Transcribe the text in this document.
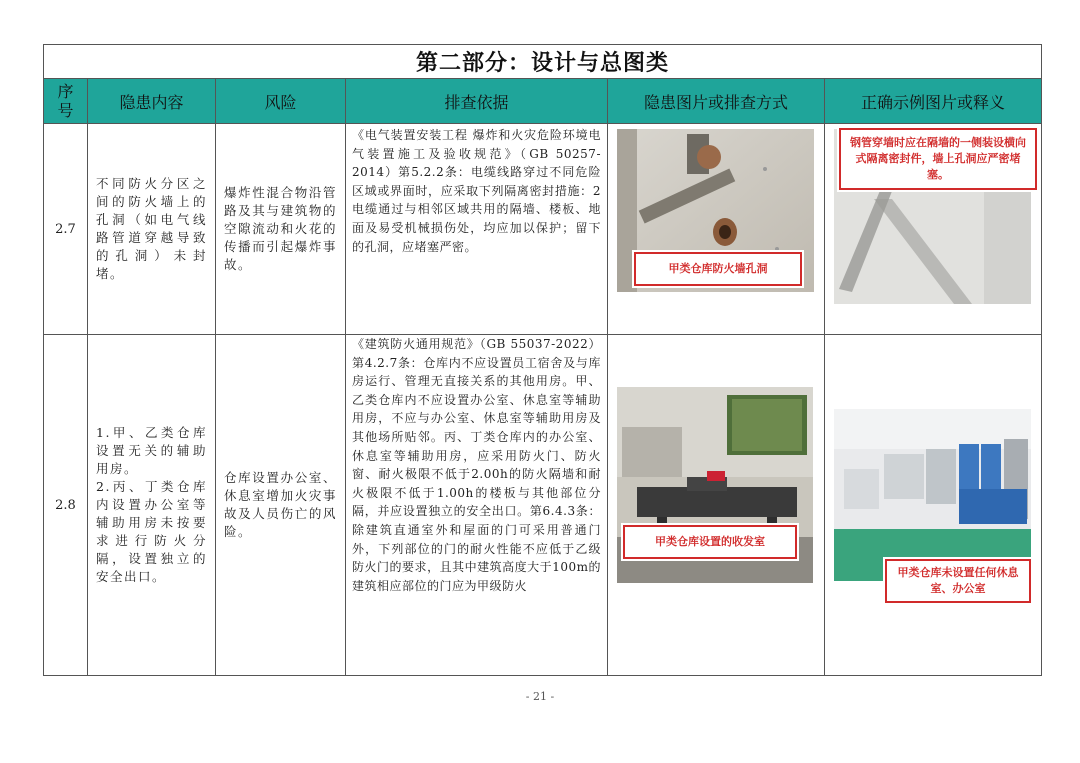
第二部分：设计与总图类					
序号	隐患内容	风险	排查依据	隐患图片或排查方式	正确示例图片或释义
2.7	不同防火分区之间的防火墙上的孔洞（如电气线路管道穿越导致的孔洞）未封堵。	爆炸性混合物沿管路及其与建筑物的空隙流动和火花的传播而引起爆炸事故。	《电气装置安装工程 爆炸和火灾危险环境电气装置施工及验收规范》（GB 50257-2014）第5.2.2条：电缆线路穿过不同危险区域或界面时，应采取下列隔离密封措施：2电缆通过与相邻区域共用的隔墙、楼板、地面及易受机械损伤处，均应加以保护；留下的孔洞，应堵塞严密。	甲类仓库防火墙孔洞	钢管穿墙时应在隔墙的一侧装设横向式隔离密封件，墙上孔洞应严密堵塞。

2.8	1.甲、乙类仓库设置无关的辅助用房。
2.丙、丁类仓库内设置办公室等辅助用房未按要求进行防火分隔，设置独立的安全出口。	仓库设置办公室、休息室增加火灾事故及人员伤亡的风险。	《建筑防火通用规范》（GB 55037-2022）第4.2.7条：仓库内不应设置员工宿舍及与库房运行、管理无直接关系的其他用房。甲、乙类仓库内不应设置办公室、休息室等辅助用房，不应与办公室、休息室等辅助用房及其他场所贴邻。丙、丁类仓库内的办公室、休息室等辅助用房，应采用防火门、防火窗、耐火极限不低于2.00h的防火隔墙和耐火极限不低于1.00h的楼板与其他部位分隔，并应设置独立的安全出口。第6.4.3条：除建筑直通室外和屋面的门可采用普通门外，下列部位的门的耐火性能不应低于乙级防火门的要求，且其中建筑高度大于100m的建筑相应部位的门应为甲级防火	甲类仓库设置的收发室	甲类仓库未设置任何休息室、办公室
- 21 -
